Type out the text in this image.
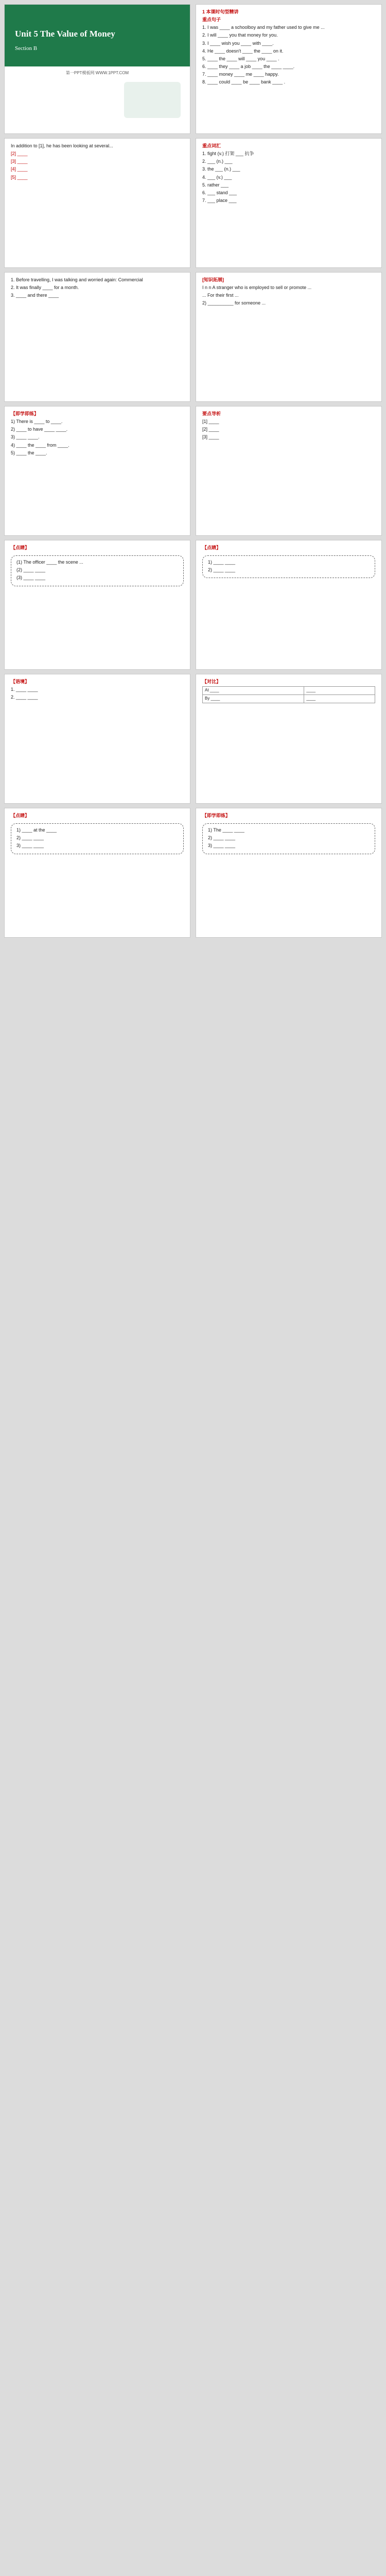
Unit 5 The Value of Money
Section B
第一PPT模板网 WWW.1PPT.COM
1 本课时句型精讲

重点句子

1. I was ____ a schoolboy and my father used to give me ...

2. I will ____ you that money for you.

3. I ____ wish you ____ with ____.

4. He ____ doesn't ____ the ____ on it.

5. ____ the ____ will ____ you ____ .

6. ____ they ____ a job ____ the ____ ____.

7. ____ money ____ me ____ happy.

8. ____ could ____ be ____ bank ____ .

In addition to [1], he has been looking at several...

[2] ____

[3] ____

[4] ____

[5] ____

重点词汇

1. fight (v.) 打架 ___ 抗争

2. ___ (n.) ___

3. the ___ (n.) ___

4. ___ (v.) ___

5. rather ___

6. ___ stand ___

7. ___ place ___

1. Before travelling, I was talking and worried again: Commercial

2. It was finally ____ for a month.

3. ____ and there ____

[知识拓展]

I n n A stranger who is employed to sell or promote ...

... For their first ...

2) __________ for someone ...

【即学即练】

1) There is ____ to ____.

2) ____ to have ____ ____.

3) ____ ____.

4) ____ the ____ from ____.

5) ____ the ____.

要点导析

[1] ____

[2] ____

[3] ____

【点睛】

(1) The officer ____ the scene ...

(2) ____ ____

(3) ____ ____

【点睛】

1) ____ ____

2) ____ ____

【语境】

1. ____ ____

2. ____ ____

【对比】
At ____	____
By ____	____
【点睛】

1) ____ at the ____

2) ____ ____

3) ____ ____

【即学即练】

1) The ____ ____

2) ____ ____

3) ____ ____
